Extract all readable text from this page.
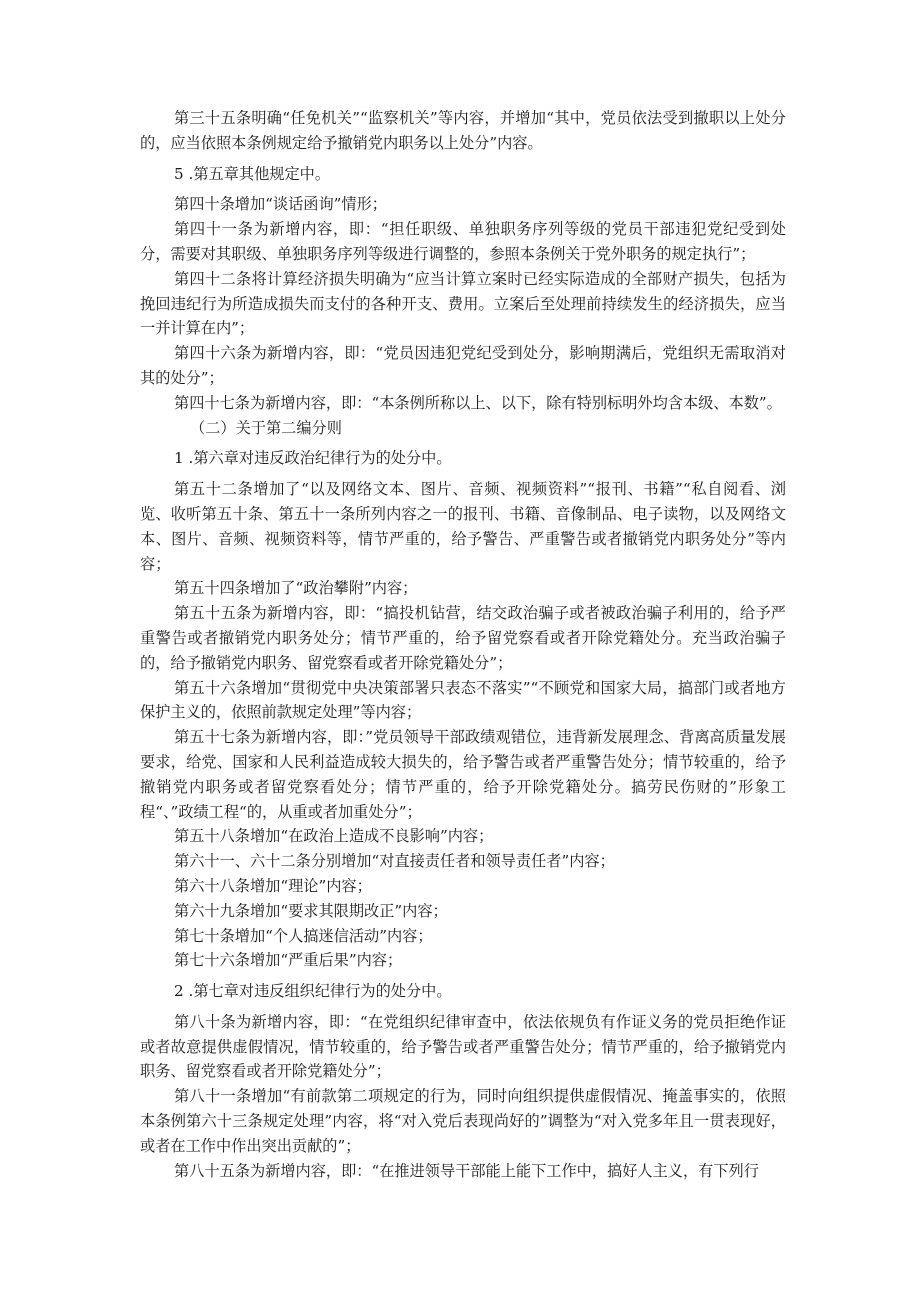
第三十五条明确“任免机关”“监察机关”等内容，并增加“其中，党员依法受到撤职以上处分的，应当依照本条例规定给予撤销党内职务以上处分”内容。

5 .第五章其他规定中。

第四十条增加“谈话函询”情形；

第四十一条为新增内容，即：“担任职级、单独职务序列等级的党员干部违犯党纪受到处分，需要对其职级、单独职务序列等级进行调整的，参照本条例关于党外职务的规定执行”；

第四十二条将计算经济损失明确为“应当计算立案时已经实际造成的全部财产损失，包括为挽回违纪行为所造成损失而支付的各种开支、费用。立案后至处理前持续发生的经济损失，应当一并计算在内”；

第四十六条为新增内容，即：“党员因违犯党纪受到处分，影响期满后，党组织无需取消对其的处分”；

第四十七条为新增内容，即：“本条例所称以上、以下，除有特别标明外均含本级、本数”。

（二）关于第二编分则

1 .第六章对违反政治纪律行为的处分中。

第五十二条增加了“以及网络文本、图片、音频、视频资料”“报刊、书籍”“私自阅看、浏览、收听第五十条、第五十一条所列内容之一的报刊、书籍、音像制品、电子读物，以及网络文本、图片、音频、视频资料等，情节严重的，给予警告、严重警告或者撤销党内职务处分”等内容；

第五十四条增加了“政治攀附”内容；

第五十五条为新增内容，即：“搞投机钻营，结交政治骗子或者被政治骗子利用的，给予严重警告或者撤销党内职务处分；情节严重的，给予留党察看或者开除党籍处分。充当政治骗子的，给予撤销党内职务、留党察看或者开除党籍处分”；

第五十六条增加“贯彻党中央决策部署只表态不落实”“不顾党和国家大局，搞部门或者地方保护主义的，依照前款规定处理”等内容；

第五十七条为新增内容，即：”党员领导干部政绩观错位，违背新发展理念、背离高质量发展要求，给党、国家和人民利益造成较大损失的，给予警告或者严重警告处分；情节较重的，给予撤销党内职务或者留党察看处分；情节严重的，给予开除党籍处分。搞劳民伤财的”形象工程“、”政绩工程“的，从重或者加重处分”；

第五十八条增加“在政治上造成不良影响”内容；

第六十一、六十二条分别增加“对直接责任者和领导责任者”内容；

第六十八条增加“理论”内容；

第六十九条增加“要求其限期改正”内容；

第七十条增加“个人搞迷信活动”内容；

第七十六条增加“严重后果”内容；

2 .第七章对违反组织纪律行为的处分中。

第八十条为新增内容，即：“在党组织纪律审查中，依法依规负有作证义务的党员拒绝作证或者故意提供虚假情况，情节较重的，给予警告或者严重警告处分；情节严重的，给予撤销党内职务、留党察看或者开除党籍处分”；

第八十一条增加“有前款第二项规定的行为，同时向组织提供虚假情况、掩盖事实的，依照本条例第六十三条规定处理”内容，将“对入党后表现尚好的”调整为“对入党多年且一贯表现好，或者在工作中作出突出贡献的”；

第八十五条为新增内容，即：“在推进领导干部能上能下工作中，搞好人主义，有下列行
